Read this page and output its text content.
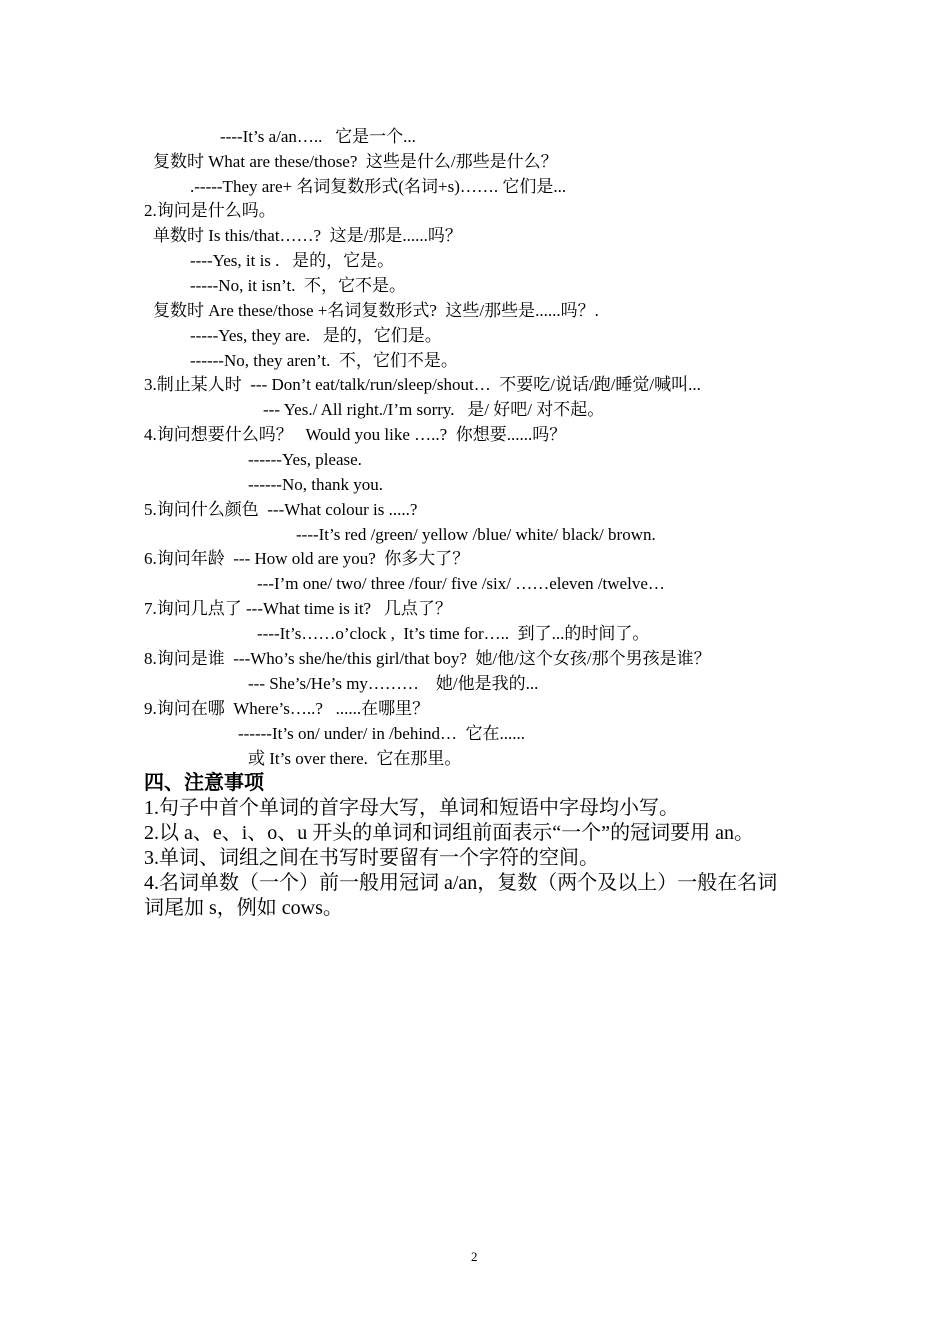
----It’s a/an…..   它是一个...
复数时 What are these/those?  这些是什么/那些是什么？
.-----They are+ 名词复数形式(名词+s)……. 它们是...
2.询问是什么吗。
单数时 Is this/that……?  这是/那是......吗？
----Yes, it is .   是的，它是。
-----No, it isn’t.  不，它不是。
复数时 Are these/those +名词复数形式?  这些/那些是......吗？.
-----Yes, they are.   是的，它们是。
------No, they aren’t.  不，它们不是。
3.制止某人时  --- Don’t eat/talk/run/sleep/shout…  不要吃/说话/跑/睡觉/喊叫...
--- Yes./ All right./I’m sorry.   是/ 好吧/ 对不起。
4.询问想要什么吗？   Would you like …..?  你想要......吗？
------Yes, please.
------No, thank you.
5.询问什么颜色  ---What colour is .....?
----It’s red /green/ yellow /blue/ white/ black/ brown.
6.询问年龄  --- How old are you?  你多大了？
---I’m one/ two/ three /four/ five /six/ ……eleven /twelve…
7.询问几点了 ---What time is it?   几点了？
----It’s……o’clock ,  It’s time for…..  到了...的时间了。
8.询问是谁  ---Who’s she/he/this girl/that boy?  她/他/这个女孩/那个男孩是谁？
--- She’s/He’s my………    她/他是我的...
9.询问在哪  Where’s…..?   ......在哪里？
------It’s on/ under/ in /behind…  它在......
或 It’s over there.  它在那里。
四、注意事项
1.句子中首个单词的首字母大写，单词和短语中字母均小写。
2.以 a、e、i、o、u 开头的单词和词组前面表示“一个”的冠词要用 an。
3.单词、词组之间在书写时要留有一个字符的空间。
4.名词单数（一个）前一般用冠词 a/an，复数（两个及以上）一般在名词
词尾加 s，例如 cows。
2
